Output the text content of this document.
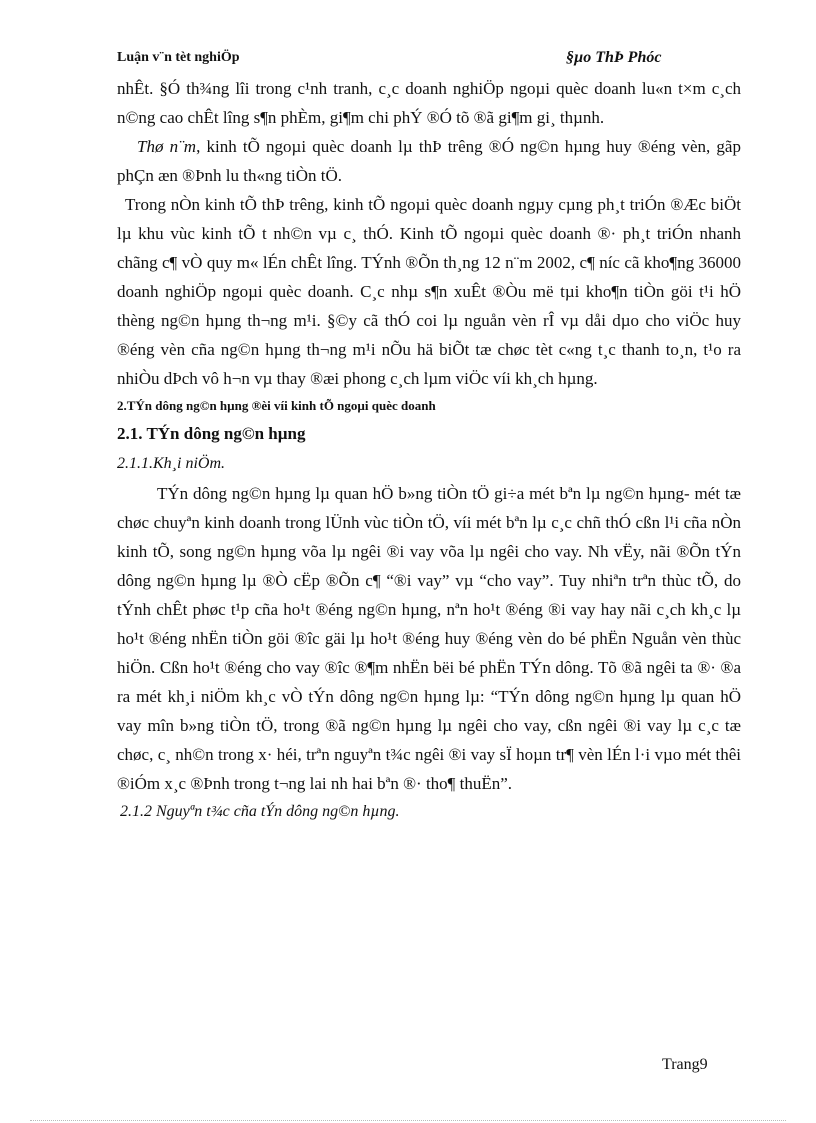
Luận v¨n tèt nghiÖp	§µo ThÞ Phóc

nhÊt. §Ó th¾ng lîi trong c¹nh tranh, c¸c doanh nghiÖp ngoµi quèc doanh lu«n t×m c¸ch n©ng cao chÊt lîng s¶n phÈm, gi¶m chi phÝ ®Ó tõ ®ã gi¶m gi¸ thµnh.

Thø n¨m, kinh tÕ ngoµi quèc doanh lµ thÞ trêng ®Ó ng©n hµng huy ®éng vèn, gãp phÇn æn ®Þnh lu th«ng tiÒn tÖ.

Trong nÒn kinh tÕ thÞ trêng, kinh tÕ ngoµi quèc doanh ngµy cµng ph¸t triÓn ®Æc biÖt lµ khu vùc kinh tÕ t nh©n vµ c¸ thÓ. Kinh tÕ ngoµi quèc doanh ®· ph¸t triÓn nhanh chãng c¶ vÒ quy m« lÉn chÊt lîng. TÝnh ®Õn th¸ng 12 n¨m 2002, c¶ níc cã kho¶ng 36000 doanh nghiÖp ngoµi quèc doanh. C¸c nhµ s¶n xuÊt ®Òu më tµi kho¶n tiÒn göi t¹i hÖ thèng ng©n hµng th¬ng m¹i. §©y cã thÓ coi lµ nguån vèn rÎ vµ dåi dµo cho viÖc huy ®éng vèn cña ng©n hµng th¬ng m¹i nÕu hä biÕt tæ chøc tèt c«ng t¸c thanh to¸n, t¹o ra nhiÒu dÞch vô h¬n vµ thay ®æi phong c¸ch lµm viÖc víi kh¸ch hµng.

2.TÝn dông ng©n hµng ®èi víi kinh tÕ ngoµi quèc doanh

2.1. TÝn dông ng©n hµng

2.1.1.Kh¸i niÖm.

TÝn dông ng©n hµng lµ quan hÖ b»ng tiÒn tÖ gi÷a mét bªn lµ ng©n hµng- mét tæ chøc chuyªn kinh doanh trong lÜnh vùc tiÒn tÖ, víi mét bªn lµ c¸c chñ thÓ cßn l¹i cña nÒn kinh tÕ, song ng©n hµng võa lµ ngêi ®i vay võa lµ ngêi cho vay. Nh vËy, nãi ®Õn tÝn dông ng©n hµng lµ ®Ò cËp ®Õn c¶ “®i vay” vµ “cho vay”. Tuy nhiªn trªn thùc tÕ, do tÝnh chÊt phøc t¹p cña ho¹t ®éng ng©n hµng, nªn ho¹t ®éng ®i vay hay nãi c¸ch kh¸c lµ ho¹t ®éng nhËn tiÒn göi ®îc gäi lµ ho¹t ®éng huy ®éng vèn do bé phËn Nguån vèn thùc hiÖn. Cßn ho¹t ®éng cho vay ®îc ®¶m nhËn bëi bé phËn TÝn dông. Tõ ®ã ngêi ta ®· ®a ra mét kh¸i niÖm kh¸c vÒ tÝn dông ng©n hµng lµ: “TÝn dông ng©n hµng lµ quan hÖ vay mîn b»ng tiÒn tÖ, trong ®ã ng©n hµng lµ ngêi cho vay, cßn ngêi ®i vay lµ c¸c tæ chøc, c¸ nh©n trong x· héi, trªn nguyªn t¾c ngêi ®i vay sÏ hoµn tr¶ vèn lÉn l·i vµo mét thêi ®iÓm x¸c ®Þnh trong t¬ng lai nh hai bªn ®· tho¶ thuËn”.

2.1.2 Nguyªn t¾c cña tÝn dông ng©n hµng.

Trang9
